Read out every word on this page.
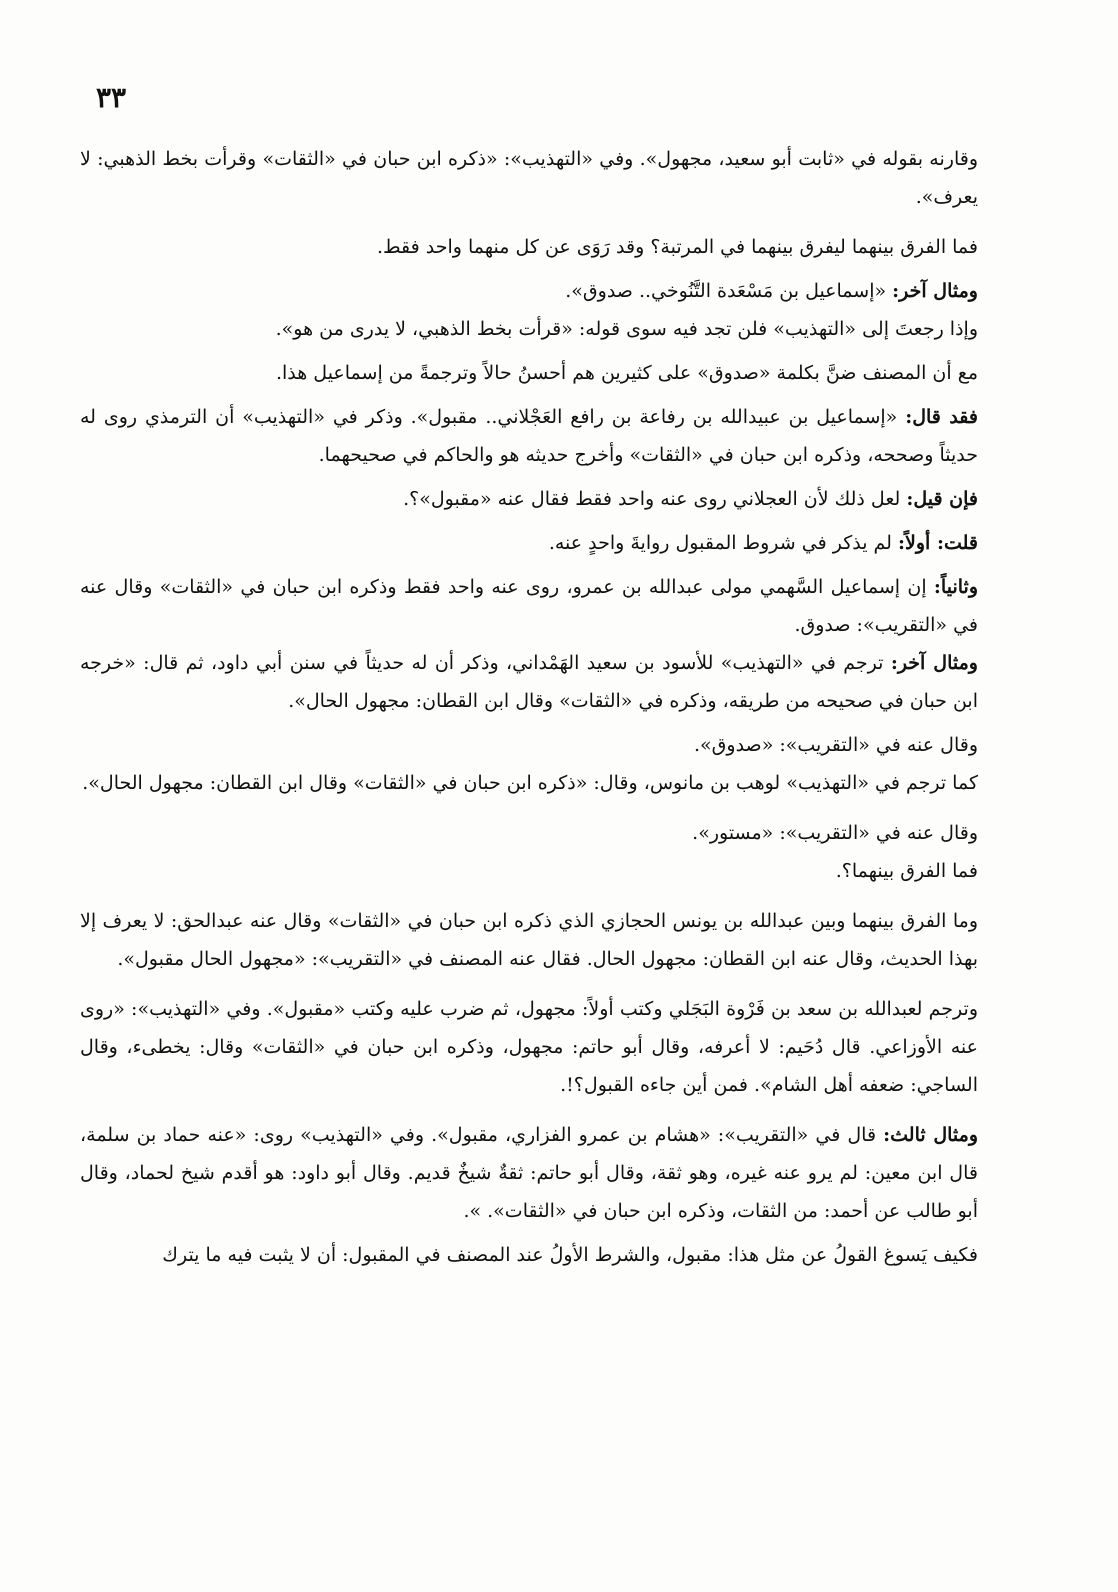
٣٣

وقارنه بقوله في «ثابت أبو سعيد، مجهول». وفي «التهذيب»: «ذكره ابن حبان في «الثقات» وقرأت بخط الذهبي: لا يعرف».

فما الفرق بينهما ليفرق بينهما في المرتبة؟ وقد رَوَى عن كل منهما واحد فقط.

ومثال آخر: «إسماعيل بن مَسْعَدة التَّنُوخي.. صدوق».

وإذا رجعتَ إلى «التهذيب» فلن تجد فيه سوى قوله: «قرأت بخط الذهبي، لا يدرى من هو».

مع أن المصنف ضنَّ بكلمة «صدوق» على كثيرين هم أحسنُ حالاً وترجمةً من إسماعيل هذا.

فقد قال: «إسماعيل بن عبيدالله بن رفاعة بن رافع العَجْلاني.. مقبول». وذكر في «التهذيب» أن الترمذي روى له حديثاً وصححه، وذكره ابن حبان في «الثقات» وأخرج حديثه هو والحاكم في صحيحهما.

فإن قيل: لعل ذلك لأن العجلاني روى عنه واحد فقط فقال عنه «مقبول»؟.

قلت: أولاً: لم يذكر في شروط المقبول روايةَ واحدٍ عنه.

وثانياً: إن إسماعيل السَّهمي مولى عبدالله بن عمرو، روى عنه واحد فقط وذكره ابن حبان في «الثقات» وقال عنه في «التقريب»: صدوق.

ومثال آخر: ترجم في «التهذيب» للأسود بن سعيد الهَمْداني، وذكر أن له حديثاً في سنن أبي داود، ثم قال: «خرجه ابن حبان في صحيحه من طريقه، وذكره في «الثقات» وقال ابن القطان: مجهول الحال».

وقال عنه في «التقريب»: «صدوق».

كما ترجم في «التهذيب» لوهب بن مانوس، وقال: «ذكره ابن حبان في «الثقات» وقال ابن القطان: مجهول الحال».

وقال عنه في «التقريب»: «مستور».

فما الفرق بينهما؟.

وما الفرق بينهما وبين عبدالله بن يونس الحجازي الذي ذكره ابن حبان في «الثقات» وقال عنه عبدالحق: لا يعرف إلا بهذا الحديث، وقال عنه ابن القطان: مجهول الحال. فقال عنه المصنف في «التقريب»: «مجهول الحال مقبول».

وترجم لعبدالله بن سعد بن فَرْوة البَجَلي وكتب أولاً: مجهول، ثم ضرب عليه وكتب «مقبول». وفي «التهذيب»: «روى عنه الأوزاعي. قال دُحَيم: لا أعرفه، وقال أبو حاتم: مجهول، وذكره ابن حبان في «الثقات» وقال: يخطىء، وقال الساجي: ضعفه أهل الشام». فمن أين جاءه القبول؟!.

ومثال ثالث: قال في «التقريب»: «هشام بن عمرو الفزاري، مقبول». وفي «التهذيب» روى: «عنه حماد بن سلمة، قال ابن معين: لم يرو عنه غيره، وهو ثقة، وقال أبو حاتم: ثقةٌ شيخٌ قديم. وقال أبو داود: هو أقدم شيخ لحماد، وقال أبو طالب عن أحمد: من الثقات، وذكره ابن حبان في «الثقات». ».

فكيف يَسوغ القولُ عن مثل هذا: مقبول، والشرط الأولُ عند المصنف في المقبول: أن لا يثبت فيه ما يترك
